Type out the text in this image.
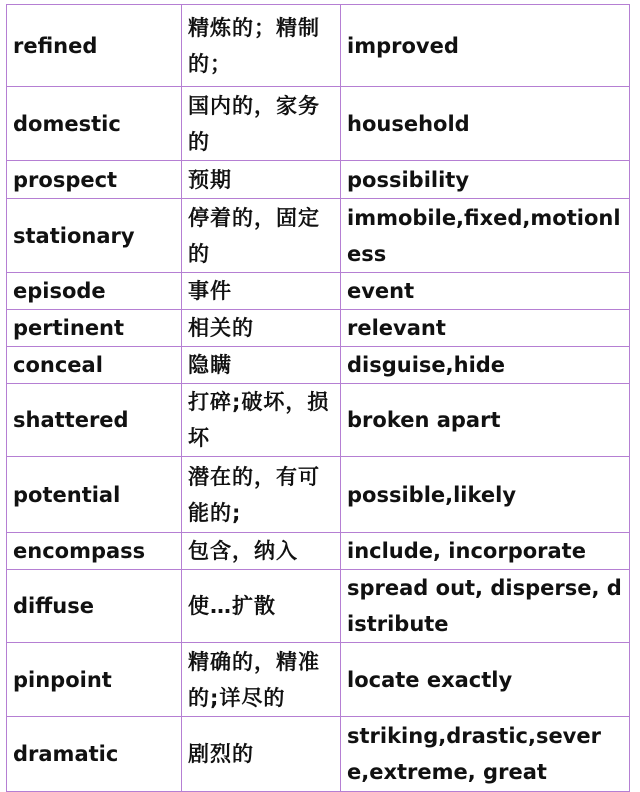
refined	精炼的；精制的；	improved
domestic	国内的，家务的	household
prospect	预期	possibility
stationary	停着的，固定的	immobile,fixed,motionless
episode	事件	event
pertinent	相关的	relevant
conceal	隐瞒	disguise,hide
shattered	打碎;破坏，损坏	broken apart
potential	潜在的，有可能的;	possible,likely
encompass	包含，纳入	include, incorporate
diffuse	使…扩散	spread out, disperse, distribute
pinpoint	精确的，精准的;详尽的	locate exactly
dramatic	剧烈的	striking,drastic,severe,extreme, great
